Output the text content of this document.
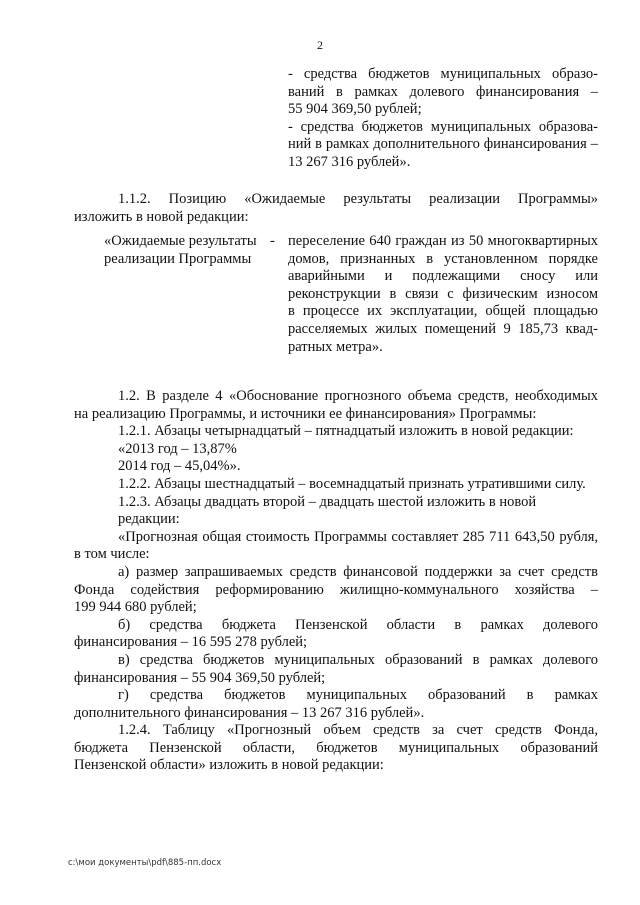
2
- средства бюджетов муниципальных образо-
ваний в рамках долевого финансирования –
55 904 369,50 рублей;
- средства бюджетов муниципальных образова-
ний в рамках дополнительного финансирования –
13 267 316 рублей».
1.1.2. Позицию «Ожидаемые результаты реализации Программы»
изложить в новой редакции:
«Ожидаемые результаты -
реализации Программы
переселение 640 граждан из 50 многоквартирных
домов, признанных в установленном порядке
аварийными и подлежащими сносу или
реконструкции в связи с физическим износом
в процессе их эксплуатации, общей площадью
расселяемых жилых помещений 9 185,73 квад-
ратных метра».
1.2. В разделе 4 «Обоснование прогнозного объема средств, необходимых
на реализацию Программы, и источники ее финансирования» Программы:
1.2.1. Абзацы четырнадцатый – пятнадцатый изложить в новой редакции:
«2013 год – 13,87%
2014 год – 45,04%».
1.2.2. Абзацы шестнадцатый – восемнадцатый признать утратившими силу.
1.2.3. Абзацы двадцать второй – двадцать шестой изложить в новой редакции:
«Прогнозная общая стоимость Программы составляет 285 711 643,50 рубля,
в том числе:
а) размер запрашиваемых средств финансовой поддержки за счет средств
Фонда содействия реформированию жилищно-коммунального хозяйства –
199 944 680 рублей;
б) средства бюджета Пензенской области в рамках долевого
финансирования – 16 595 278 рублей;
в) средства бюджетов муниципальных образований в рамках долевого
финансирования – 55 904 369,50 рублей;
г) средства бюджетов муниципальных образований в рамках
дополнительного финансирования – 13 267 316 рублей».
1.2.4. Таблицу «Прогнозный объем средств за счет средств Фонда,
бюджета Пензенской области, бюджетов муниципальных образований
Пензенской области» изложить в новой редакции:
c:\мои документы\pdf\885-пп.docx
